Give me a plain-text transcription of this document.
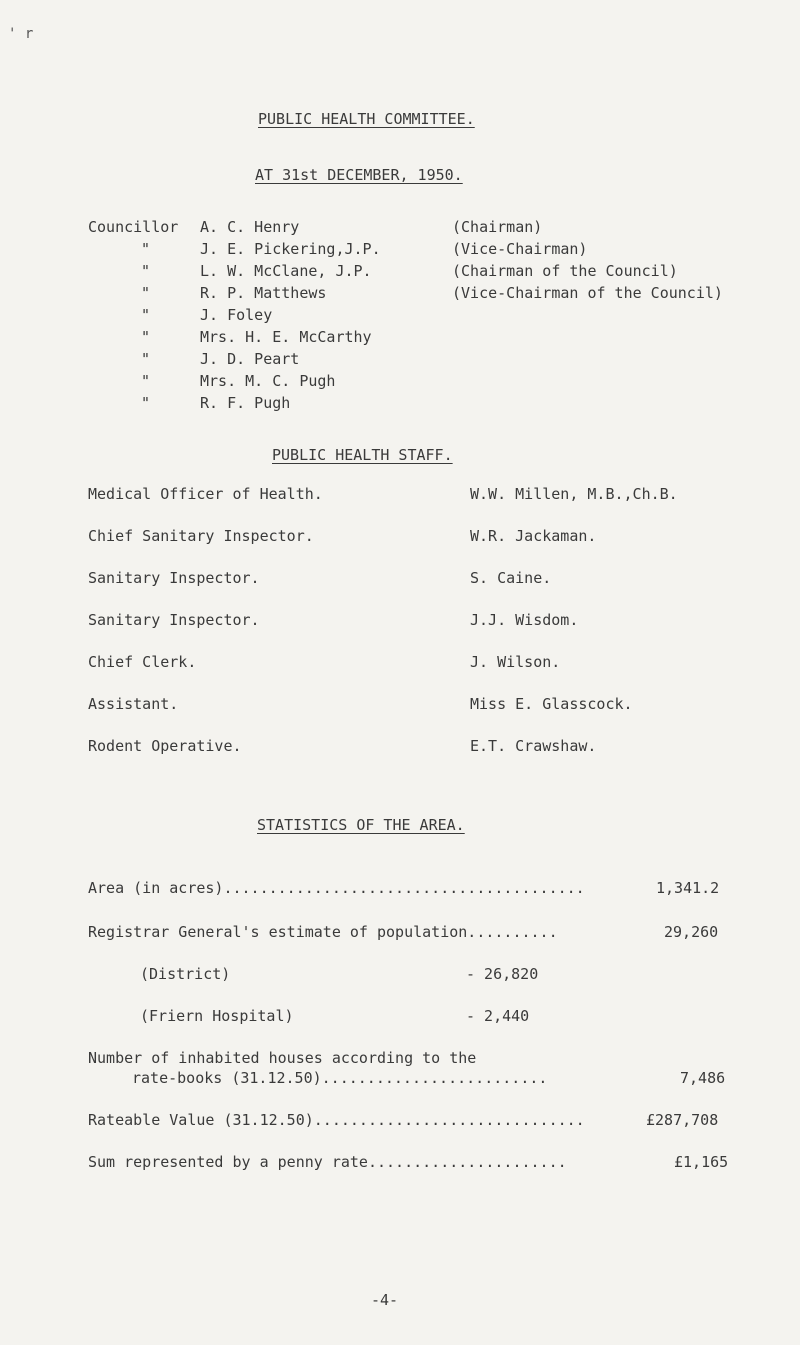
' r
PUBLIC HEALTH COMMITTEE.
AT 31st DECEMBER, 1950.
Councillor A. C. Henry	(Chairman)
"	J. E. Pickering,J.P.	(Vice-Chairman)
"	L. W. McClane, J.P.	(Chairman of the Council)
"	R. P. Matthews	(Vice-Chairman of the Council)
"	J. Foley
"	Mrs. H. E. McCarthy
"	J. D. Peart
"	Mrs. M. C. Pugh
"	R. F. Pugh
PUBLIC HEALTH STAFF.
Medical Officer of Health.	W.W. Millen, M.B.,Ch.B.
Chief Sanitary Inspector.	W.R. Jackaman.
Sanitary Inspector.	S. Caine.
Sanitary Inspector.	J.J. Wisdom.
Chief Clerk.	J. Wilson.
Assistant.	Miss E. Glasscock.
Rodent Operative.	E.T. Crawshaw.
STATISTICS OF THE AREA.
Area (in acres)........................................	1,341.2
Registrar General's estimate of population..........	29,260
(District)	- 26,820
(Friern Hospital)	- 2,440
Number of inhabited houses according to the
rate-books (31.12.50).........................	7,486
Rateable Value (31.12.50)..............................	£287,708
Sum represented by a penny rate......................	£1,165
-4-
